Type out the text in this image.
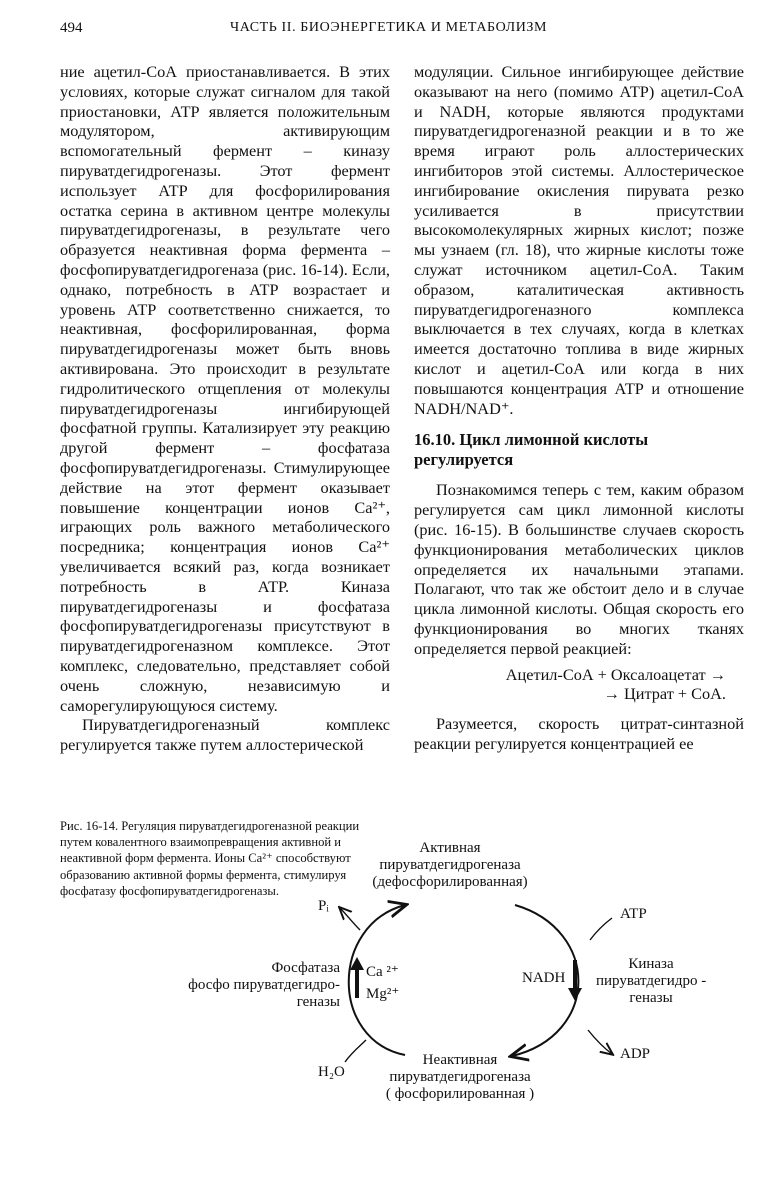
494	ЧАСТЬ II. БИОЭНЕРГЕТИКА И МЕТАБОЛИЗМ

ние ацетил-СоА приостанавливается. В этих условиях, которые служат сигналом для такой приостановки, АТР является положительным модулятором, активирующим вспомогательный фермент – киназу пируватдегидрогеназы. Этот фермент использует АТР для фосфорилирования остатка серина в активном центре молекулы пируватдегидрогеназы, в результате чего образуется неактивная форма фермента – фосфопируватдегидрогеназа (рис. 16-14). Если, однако, потребность в АТР возрастает и уровень АТР соответственно снижается, то неактивная, фосфорилированная, форма пируватдегидрогеназы может быть вновь активирована. Это происходит в результате гидролитического отщепления от молекулы пируватдегидрогеназы ингибирующей фосфатной группы. Катализирует эту реакцию другой фермент – фосфатаза фосфопируватдегидрогеназы. Стимулирующее действие на этот фермент оказывает повышение концентрации ионов Са²⁺, играющих роль важного метаболического посредника; концентрация ионов Са²⁺ увеличивается всякий раз, когда возникает потребность в АТР. Киназа пируватдегидрогеназы и фосфатаза фосфопируватдегидрогеназы присутствуют в пируватдегидрогеназном комплексе. Этот комплекс, следовательно, представляет собой очень сложную, независимую и саморегулирующуюся систему.

Пируватдегидрогеназный комплекс регулируется также путем аллостерической

модуляции. Сильное ингибирующее действие оказывают на него (помимо АТР) ацетил-СоА и NADH, которые являются продуктами пируватдегидрогеназной реакции и в то же время играют роль аллостерических ингибиторов этой системы. Аллостерическое ингибирование окисления пирувата резко усиливается в присутствии высокомолекулярных жирных кислот; позже мы узнаем (гл. 18), что жирные кислоты тоже служат источником ацетил-СоА. Таким образом, каталитическая активность пируватдегидрогеназного комплекса выключается в тех случаях, когда в клетках имеется достаточно топлива в виде жирных кислот и ацетил-СоА или когда в них повышаются концентрация АТР и отношение NADH/NAD⁺.

16.10. Цикл лимонной кислоты регулируется

Познакомимся теперь с тем, каким образом регулируется сам цикл лимонной кислоты (рис. 16-15). В большинстве случаев скорость функционирования метаболических циклов определяется их начальными этапами. Полагают, что так же обстоит дело и в случае цикла лимонной кислоты. Общая скорость его функционирования во многих тканях определяется первой реакцией:

Ацетил-СоА + Оксалоацетат →
→ Цитрат + СоА.

Разумеется, скорость цитрат-синтазной реакции регулируется концентрацией ее

Рис. 16-14. Регуляция пируватдегидрогеназной реакции путем ковалентного взаимопревращения активной и неактивной форм фермента. Ионы Са²⁺ способствуют образованию активной формы фермента, стимулируя фосфатазу фосфопируватдегидрогеназы.
Активная
пируватдегидрогеназа
(дефосфорилированная)
Неактивная
пируватдегидрогеназа
( фосфорилированная )
Фосфатаза
фосфо пируватдегидро-
геназы
Киназа
пируватдегидро -
геназы
Са ²⁺
Mg²⁺
NADH
ATP
ADP
Pᵢ
H₂O
